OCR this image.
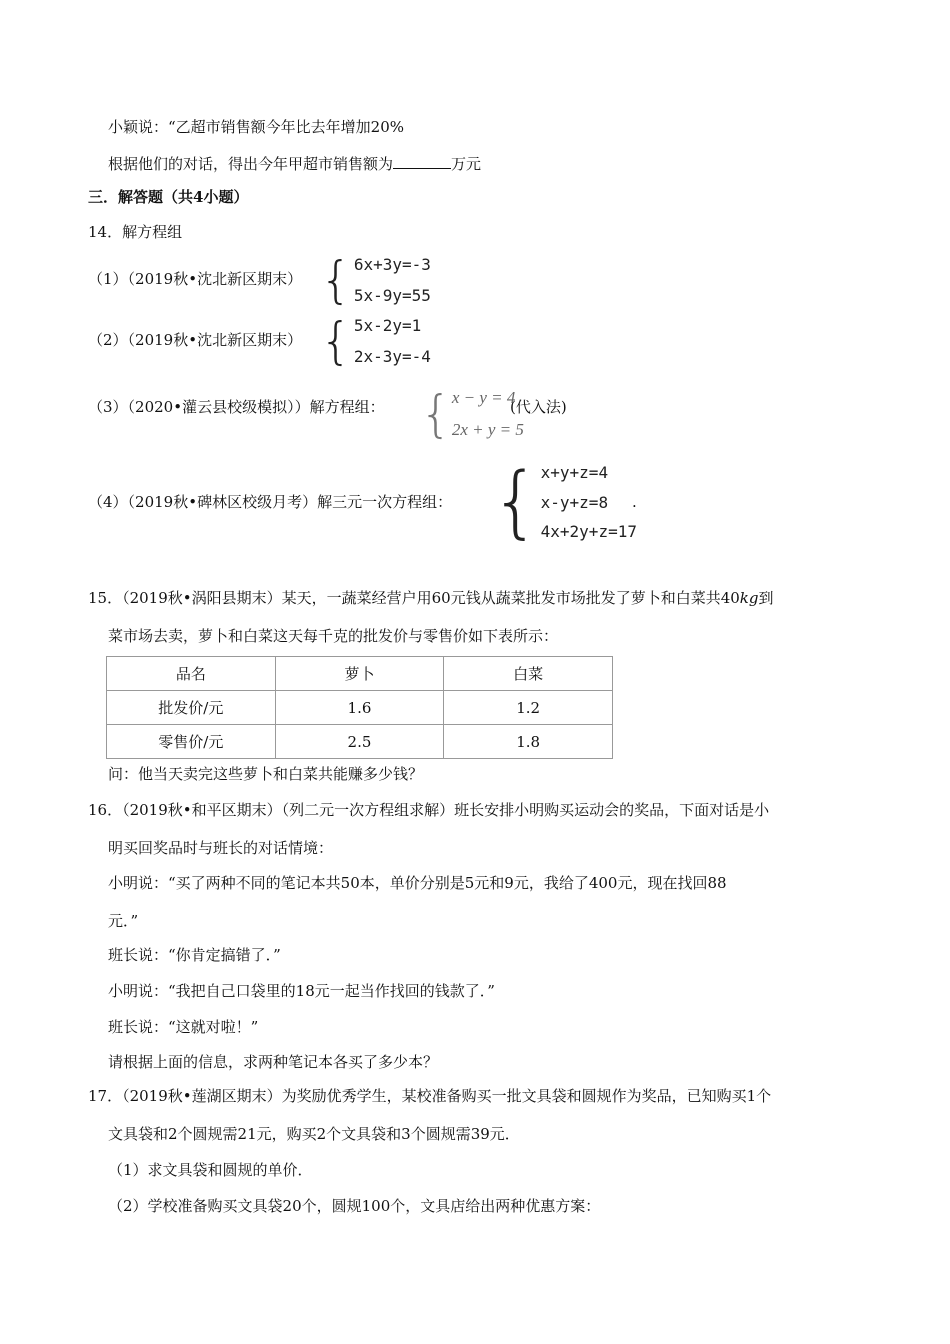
小颖说：“乙超市销售额今年比去年增加20%
根据他们的对话，得出今年甲超市销售额为	万元
三．解答题（共4小题）
14．解方程组
（1）（2019秋•沈北新区期末） { 6x+3y=-3
5x-9y=55
（2）（2019秋•沈北新区期末） { 5x-2y=1
2x-3y=-4
（3）（2020•灌云县校级模拟））解方程组： { x − y = 4
2x + y = 5
(代入法)
（4）（2019秋•碑林区校级月考）解三元一次方程组： { x+y+z=4
x-y+z=8
4x+2y+z=17
.
15．（2019秋•涡阳县期末）某天，一蔬菜经营户用60元钱从蔬菜批发市场批发了萝卜和白菜共40kg到
菜市场去卖，萝卜和白菜这天每千克的批发价与零售价如下表所示：
品名	萝卜	白菜
批发价/元	1.6	1.2
零售价/元	2.5	1.8
问：他当天卖完这些萝卜和白菜共能赚多少钱？
16．（2019秋•和平区期末）（列二元一次方程组求解）班长安排小明购买运动会的奖品，下面对话是小
明买回奖品时与班长的对话情境：
小明说：“买了两种不同的笔记本共50本，单价分别是5元和9元，我给了400元，现在找回88
元．”
班长说：“你肯定搞错了．”
小明说：“我把自己口袋里的18元一起当作找回的钱款了．”
班长说：“这就对啦！”
请根据上面的信息，求两种笔记本各买了多少本？
17．（2019秋•莲湖区期末）为奖励优秀学生，某校准备购买一批文具袋和圆规作为奖品，已知购买1个
文具袋和2个圆规需21元，购买2个文具袋和3个圆规需39元．
（1）求文具袋和圆规的单价．
（2）学校准备购买文具袋20个，圆规100个，文具店给出两种优惠方案：
